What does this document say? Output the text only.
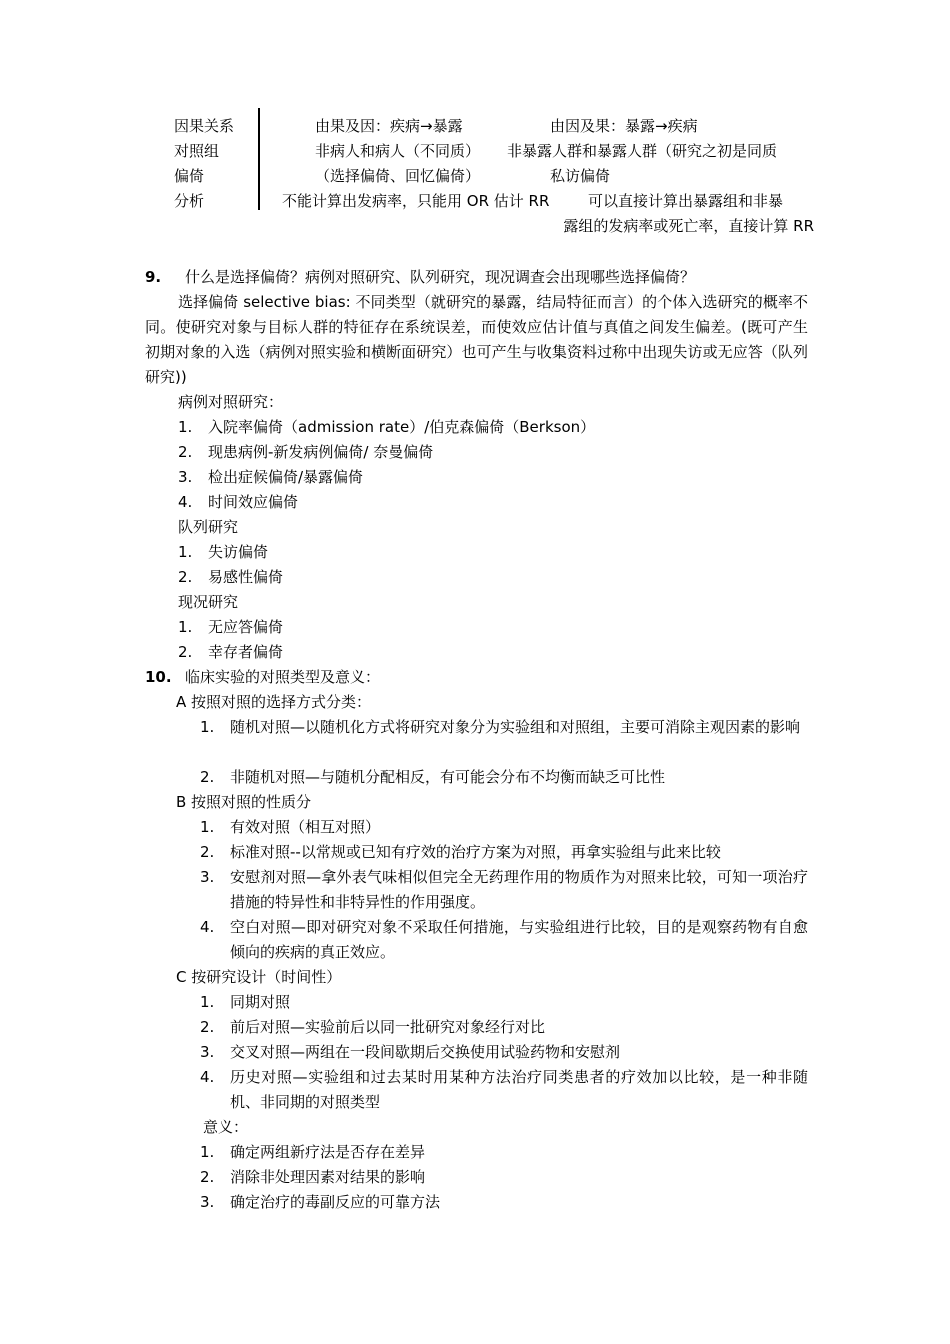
因果关系	由果及因：疾病→暴露	由因及果：暴露→疾病
对照组	非病人和病人（不同质） 非暴露人群和暴露人群（研究之初是同质
偏倚	（选择偏倚、回忆偏倚）	私访偏倚
分析	不能计算出发病率，只能用 OR 估计 RR	可以直接计算出暴露组和非暴
露组的发病率或死亡率，直接计算 RR
9. 什么是选择偏倚？病例对照研究、队列研究，现况调查会出现哪些选择偏倚？

选择偏倚 selective bias: 不同类型（就研究的暴露，结局特征而言）的个体入选研究的概率不同。使研究对象与目标人群的特征存在系统误差，而使效应估计值与真值之间发生偏差。(既可产生初期对象的入选（病例对照实验和横断面研究）也可产生与收集资料过称中出现失访或无应答（队列研究))

病例对照研究：
1. 入院率偏倚（admission rate）/伯克森偏倚（Berkson）
2. 现患病例-新发病例偏倚/ 奈曼偏倚
3. 检出症候偏倚/暴露偏倚
4. 时间效应偏倚
队列研究
1. 失访偏倚
2. 易感性偏倚
现况研究
1. 无应答偏倚
2. 幸存者偏倚
10. 临床实验的对照类型及意义：
A 按照对照的选择方式分类：
1. 随机对照—以随机化方式将研究对象分为实验组和对照组，主要可消除主观因素的影响
2. 非随机对照—与随机分配相反，有可能会分布不均衡而缺乏可比性
B 按照对照的性质分
1. 有效对照（相互对照）
2. 标准对照--以常规或已知有疗效的治疗方案为对照，再拿实验组与此来比较
3. 安慰剂对照—拿外表气味相似但完全无药理作用的物质作为对照来比较，可知一项治疗措施的特异性和非特异性的作用强度。
4. 空白对照—即对研究对象不采取任何措施，与实验组进行比较，目的是观察药物有自愈倾向的疾病的真正效应。
C 按研究设计（时间性）
1. 同期对照
2. 前后对照—实验前后以同一批研究对象经行对比
3. 交叉对照—两组在一段间歇期后交换使用试验药物和安慰剂
4. 历史对照—实验组和过去某时用某种方法治疗同类患者的疗效加以比较，是一种非随机、非同期的对照类型
意义：
1. 确定两组新疗法是否存在差异
2. 消除非处理因素对结果的影响
3. 确定治疗的毒副反应的可靠方法
